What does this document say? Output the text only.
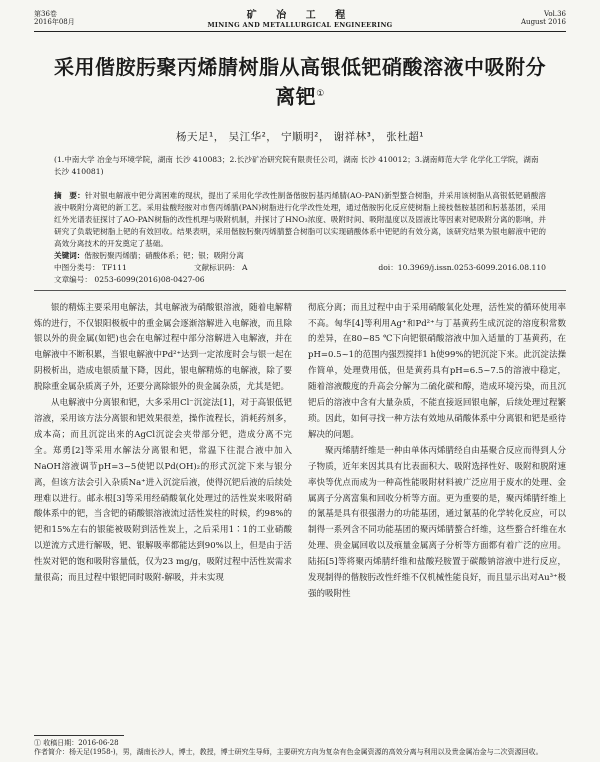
第36卷
2016年08月
矿 冶 工 程
MINING AND METALLURGICAL ENGINEERING
Vol.36
August 2016
采用偕胺肟聚丙烯腈树脂从高银低钯硝酸溶液中吸附分离钯①
杨天足¹， 吴江华²， 宁顺明²， 谢祥林³， 张杜超¹
(1.中南大学 冶金与环境学院，湖南 长沙 410083；2.长沙矿冶研究院有限责任公司，湖南 长沙 410012；3.湖南师范大学 化学化工学院，湖南 长沙 410081)
摘　要：针对银电解液中钯分离困难的现状，提出了采用化学改性制备偕胺肟基丙烯腈(AO-PAN)新型螯合树脂，并采用该树脂从高银低钯硝酸溶液中吸附分离钯的新工艺。采用盐酸羟胺对市售丙烯腈(PAN)树脂进行化学改性处理，通过偕胺肟化反应使树脂上接枝偕胺基团和肟基基团，采用红外光谱表征探讨了AO-PAN树脂的改性机理与吸附机制，并探讨了HNO₃浓度、吸附时间、吸附温度以及固液比等因素对钯吸附分离的影响，并研究了负载钯树脂上钯的有效回收。结果表明，采用偕胺肟聚丙烯腈螯合树脂可以实现硝酸体系中钯钯的有效分离，该研究结果为银电解液中钯的高效分离技术的开发奠定了基础。
关键词：偕胺肟聚丙烯腈；硝酸体系；钯；银；吸附分离
中图分类号： TF111	文献标识码： A	doi：10.3969/j.issn.0253-6099.2016.08.110
文章编号： 0253-6099(2016)08-0427-06

银的精炼主要采用电解法，其电解液为硝酸银溶液，随着电解精炼的进行，不仅银阳极板中的重金属会逐渐溶解进入电解液，而且除银以外的贵金属(如钯)也会在电解过程中部分溶解进入电解液，并在电解液中不断积累，当银电解液中Pd²⁺达到一定浓度时会与银一起在阴极析出，造成电银质量下降，因此，银电解精炼的电解液，除了要脱除重金属杂质离子外，还要分离除银外的贵金属杂质，尤其是钯。

从电解液中分离银和钯，大多采用Cl⁻沉淀法[1]，对于高银低钯溶液，采用该方法分离银和钯效果很差，操作流程长，消耗药剂多，成本高；而且沉淀出来的AgCl沉淀会夹带部分钯，造成分离不完全。郑勇[2]等采用水解法分离银和钯，常温下往混合液中加入NaOH溶液调节pH=3~5使钯以Pd(OH)₂的形式沉淀下来与银分离，但该方法会引入杂质Na⁺进入沉淀后液，使得沉钯后液的后续处理难以进行。邮永根[3]等采用经硝酸氧化处理过的活性炭来吸附硝酸体系中的钯，当含钯的硝酸银溶液流过活性炭柱的时候，约98%的钯和15%左右的银能被吸附到活性炭上，之后采用1∶1的工业硝酸以逆流方式进行解吸，钯、银解吸率都能达到90%以上，但是由于活性炭对钯的饱和吸附容量低，仅为23 mg/g，吸附过程中活性炭需求量很高；而且过程中银钯同时吸附-解吸，并未实现

彻底分离；而且过程中由于采用硝酸氧化处理，活性炭的循环使用率不高。匈华[4]等利用Ag⁺和Pd²⁺与丁基黄药生成沉淀的溶度积常数的差异，在80~85 ℃下向钯银硝酸溶液中加入适量的丁基黄药，在pH=0.5~1的范围内强烈搅拌1 h使99%的钯沉淀下来。此沉淀法操作简单，处理费用低，但是黄药具有pH=6.5~7.5的溶液中稳定，随着溶液酸度的升高会分解为二硫化碳和醇，造成环境污染，而且沉钯后的溶液中含有大量杂质，不能直接返回银电解，后续处理过程繁琐。因此，如何寻找一种方法有效地从硝酸体系中分离银和钯是亟待解决的问题。

聚丙烯腈纤维是一种由单体丙烯腈经自由基聚合反应而得到人分子物质，近年来因其具有比表面积大、吸附选择性好、吸附和脱附速率快等优点而成为一种高性能吸附材料被广泛应用于废水的处理、金属离子分离富集和回收分析等方面。更为重要的是，聚丙烯腈纤维上的氰基是具有很强潜力的功能基团，通过氰基的化学转化反应，可以制得一系列含不同功能基团的聚丙烯腈螯合纤维，这些螯合纤维在水处理、贵金属回收以及痕量金属离子分析等方面都有着广泛的应用。陆拓[5]等将聚丙烯腈纤维和盐酸羟胺置于碳酸钠溶液中进行反应，发现制得的偕胺肟改性纤维不仅机械性能良好，而且显示出对Au³⁺极强的吸附性

① 收稿日期：2016-06-28
作者简介：杨天足(1958-)，男，湖南长沙人，博士，教授，博士研究生导师，主要研究方向为复杂有色金属资源的高效分离与利用以及贵金属冶金与二次资源回收。
